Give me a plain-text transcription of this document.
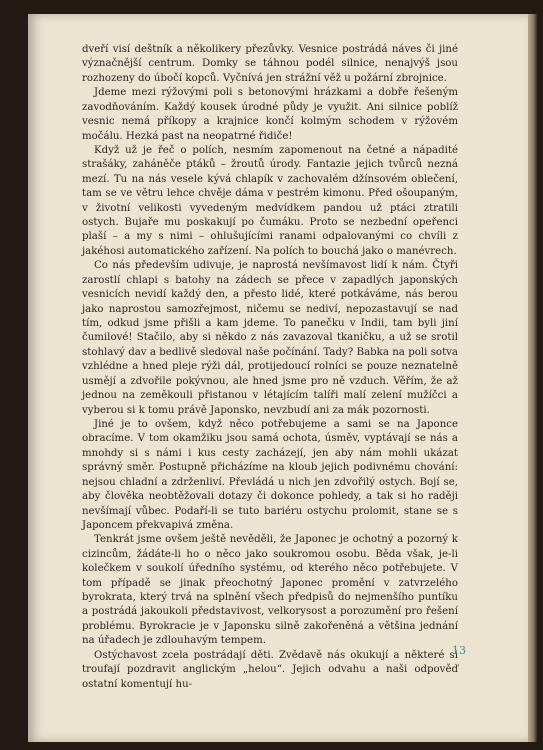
dveří visí deštník a několikery přezůvky. Vesnice postrádá náves či jiné význačnější centrum. Domky se táhnou podél silnice, nenajvýš jsou rozhozeny do úbočí kopců. Vyčnívá jen strážní věž u požární zbrojnice.

Jdeme mezi rýžovými poli s betonovými hrázkami a dobře řešeným zavodňováním. Každý kousek úrodné půdy je využit. Ani silnice poblíž vesnic nemá příkopy a krajnice končí kolmým schodem v rýžovém močálu. Hezká past na neopatrné řidiče!

Když už je řeč o polích, nesmím zapomenout na četné a nápadité strašáky, zaháněče ptáků – žroutů úrody. Fantazie jejich tvůrců nezná mezí. Tu na nás vesele kývá chlapík v zachovalém džínsovém oblečení, tam se ve větru lehce chvěje dáma v pestrém kimonu. Před ošoupaným, v životní velikosti vyvedeným medvídkem pandou už ptáci ztratili ostych. Bujaře mu poskakují po čumáku. Proto se nezbední opeřenci plaší – a my s nimi – ohlušujícími ranami odpalovanými co chvíli z jakéhosi automatického zařízení. Na polích to bouchá jako o manévrech.

Co nás především udivuje, je naprostá nevšímavost lidí k nám. Čtyři zarostlí chlapi s batohy na zádech se přece v zapadlých japonských vesnicích nevidí každý den, a přesto lidé, které potkáváme, nás berou jako naprostou samozřejmost, ničemu se nediví, nepozastavují se nad tím, odkud jsme přišli a kam jdeme. To panečku v Indii, tam byli jiní čumilové! Stačilo, aby si někdo z nás zavazoval tkaničku, a už se srotil stohlavý dav a bedlivě sledoval naše počínání. Tady? Babka na poli sotva vzhlédne a hned pleje rýži dál, protijedoucí rolníci se pouze neznatelně usmějí a zdvořile pokývnou, ale hned jsme pro ně vzduch. Věřím, že až jednou na zeměkouli přistanou v létajícím talíři malí zelení mužíčci a vyberou si k tomu právě Japonsko, nevzbudí ani za mák pozornosti.

Jiné je to ovšem, když něco potřebujeme a sami se na Japonce obracíme. V tom okamžiku jsou samá ochota, úsměv, vyptávají se nás a mnohdy si s námi i kus cesty zacházejí, jen aby nám mohli ukázat správný směr. Postupně přicházíme na kloub jejich podivnému chování: nejsou chladní a zdrženliví. Převládá u nich jen zdvořilý ostych. Bojí se, aby člověka neobtěžovali dotazy či dokonce pohledy, a tak si ho raději nevšímají vůbec. Podaří-li se tuto bariéru ostychu prolomit, stane se s Japoncem překvapivá změna.

Tenkrát jsme ovšem ještě nevěděli, že Japonec je ochotný a pozorný k cizincům, žádáte-li ho o něco jako soukromou osobu. Běda však, je-li kolečkem v soukolí úředního systému, od kterého něco potřebujete. V tom případě se jinak přeochotný Japonec promění v zatvrzelého byrokrata, který trvá na splnění všech předpisů do nejmenšího puntíku a postrádá jakoukoli představivost, velkorysost a porozumění pro řešení problému. Byrokracie je v Japonsku silně zakořeněná a většina jednání na úřadech je zdlouhavým tempem.

Ostýchavost zcela postrádají děti. Zvědavě nás okukují a některé si troufají pozdravit anglickým „helou“. Jejich odvahu a naši odpověď ostatní komentují hu-

13
